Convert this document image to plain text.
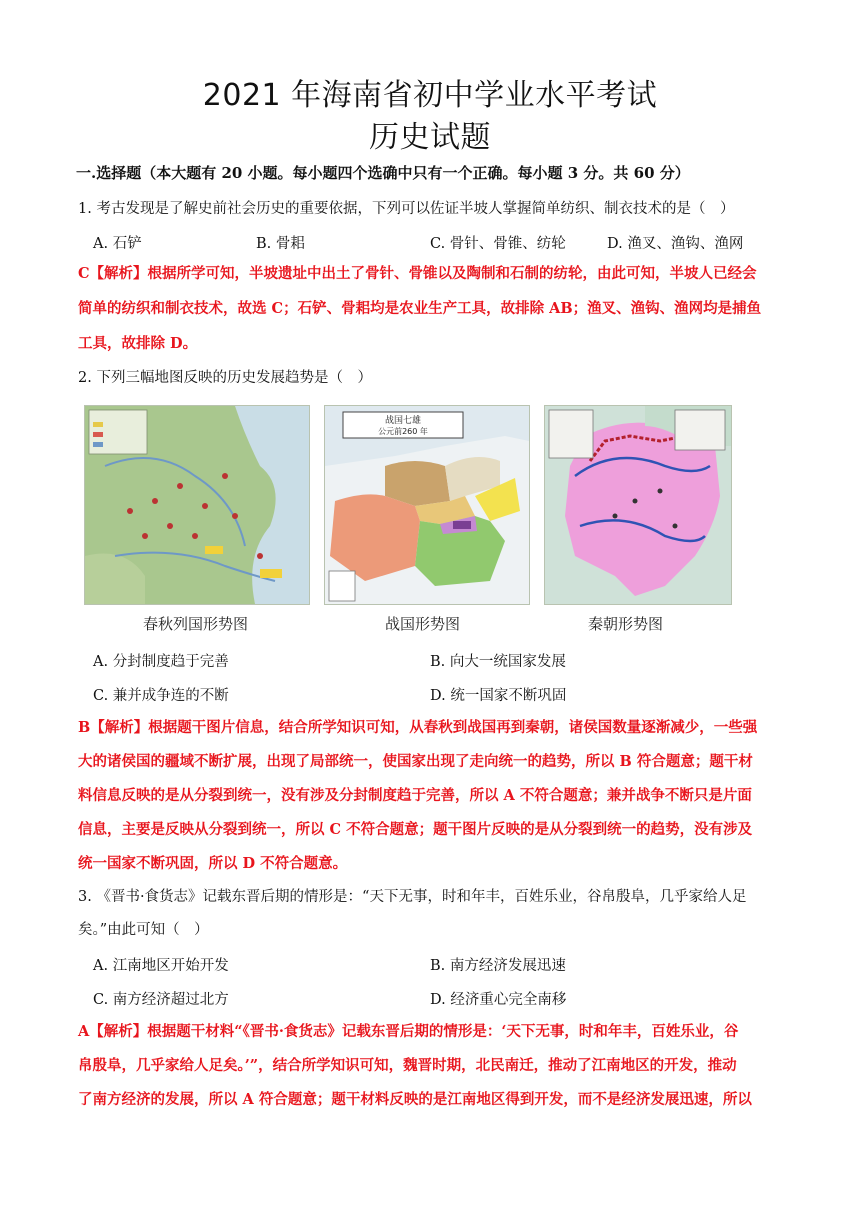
2021 年海南省初中学业水平考试
历史试题
一.选择题（本大题有 20 小题。每小题四个选确中只有一个正确。每小题 3 分。共 60 分）
1. 考古发现是了解史前社会历史的重要依据，下列可以佐证半坡人掌握简单纺织、制衣技术的是（　）
A. 石铲	B. 骨耜	C. 骨针、骨锥、纺轮	D. 渔叉、渔钩、渔网
C【解析】根据所学可知，半坡遗址中出土了骨针、骨锥以及陶制和石制的纺轮，由此可知，半坡人已经会
简单的纺织和制衣技术，故选 C；石铲、骨耜均是农业生产工具，故排除 AB；渔叉、渔钩、渔网均是捕鱼
工具，故排除 D。
2. 下列三幅地图反映的历史发展趋势是（　）
战国七雄
公元前260 年
春秋列国形势图	战国形势图	秦朝形势图
A. 分封制度趋于完善	B. 向大一统国家发展
C. 兼并成争连的不断	D. 统一国家不断巩固
B【解析】根据题干图片信息，结合所学知识可知，从春秋到战国再到秦朝，诸侯国数量逐渐减少，一些强
大的诸侯国的疆域不断扩展，出现了局部统一，使国家出现了走向统一的趋势，所以 B 符合题意；题干材
料信息反映的是从分裂到统一，没有涉及分封制度趋于完善，所以 A 不符合题意；兼并战争不断只是片面
信息，主要是反映从分裂到统一，所以 C 不符合题意；题干图片反映的是从分裂到统一的趋势，没有涉及
统一国家不断巩固，所以 D 不符合题意。
3. 《晋书·食货志》记载东晋后期的情形是：“天下无事，时和年丰，百姓乐业，谷帛殷阜，几乎家给人足
矣。”由此可知（　）
A. 江南地区开始开发	B. 南方经济发展迅速
C. 南方经济超过北方	D. 经济重心完全南移
A【解析】根据题干材料“《晋书·食货志》记载东晋后期的情形是：‘天下无事，时和年丰，百姓乐业，谷
帛殷阜，几乎家给人足矣。’”，结合所学知识可知，魏晋时期，北民南迁，推动了江南地区的开发，推动
了南方经济的发展，所以 A 符合题意；题干材料反映的是江南地区得到开发，而不是经济发展迅速，所以
